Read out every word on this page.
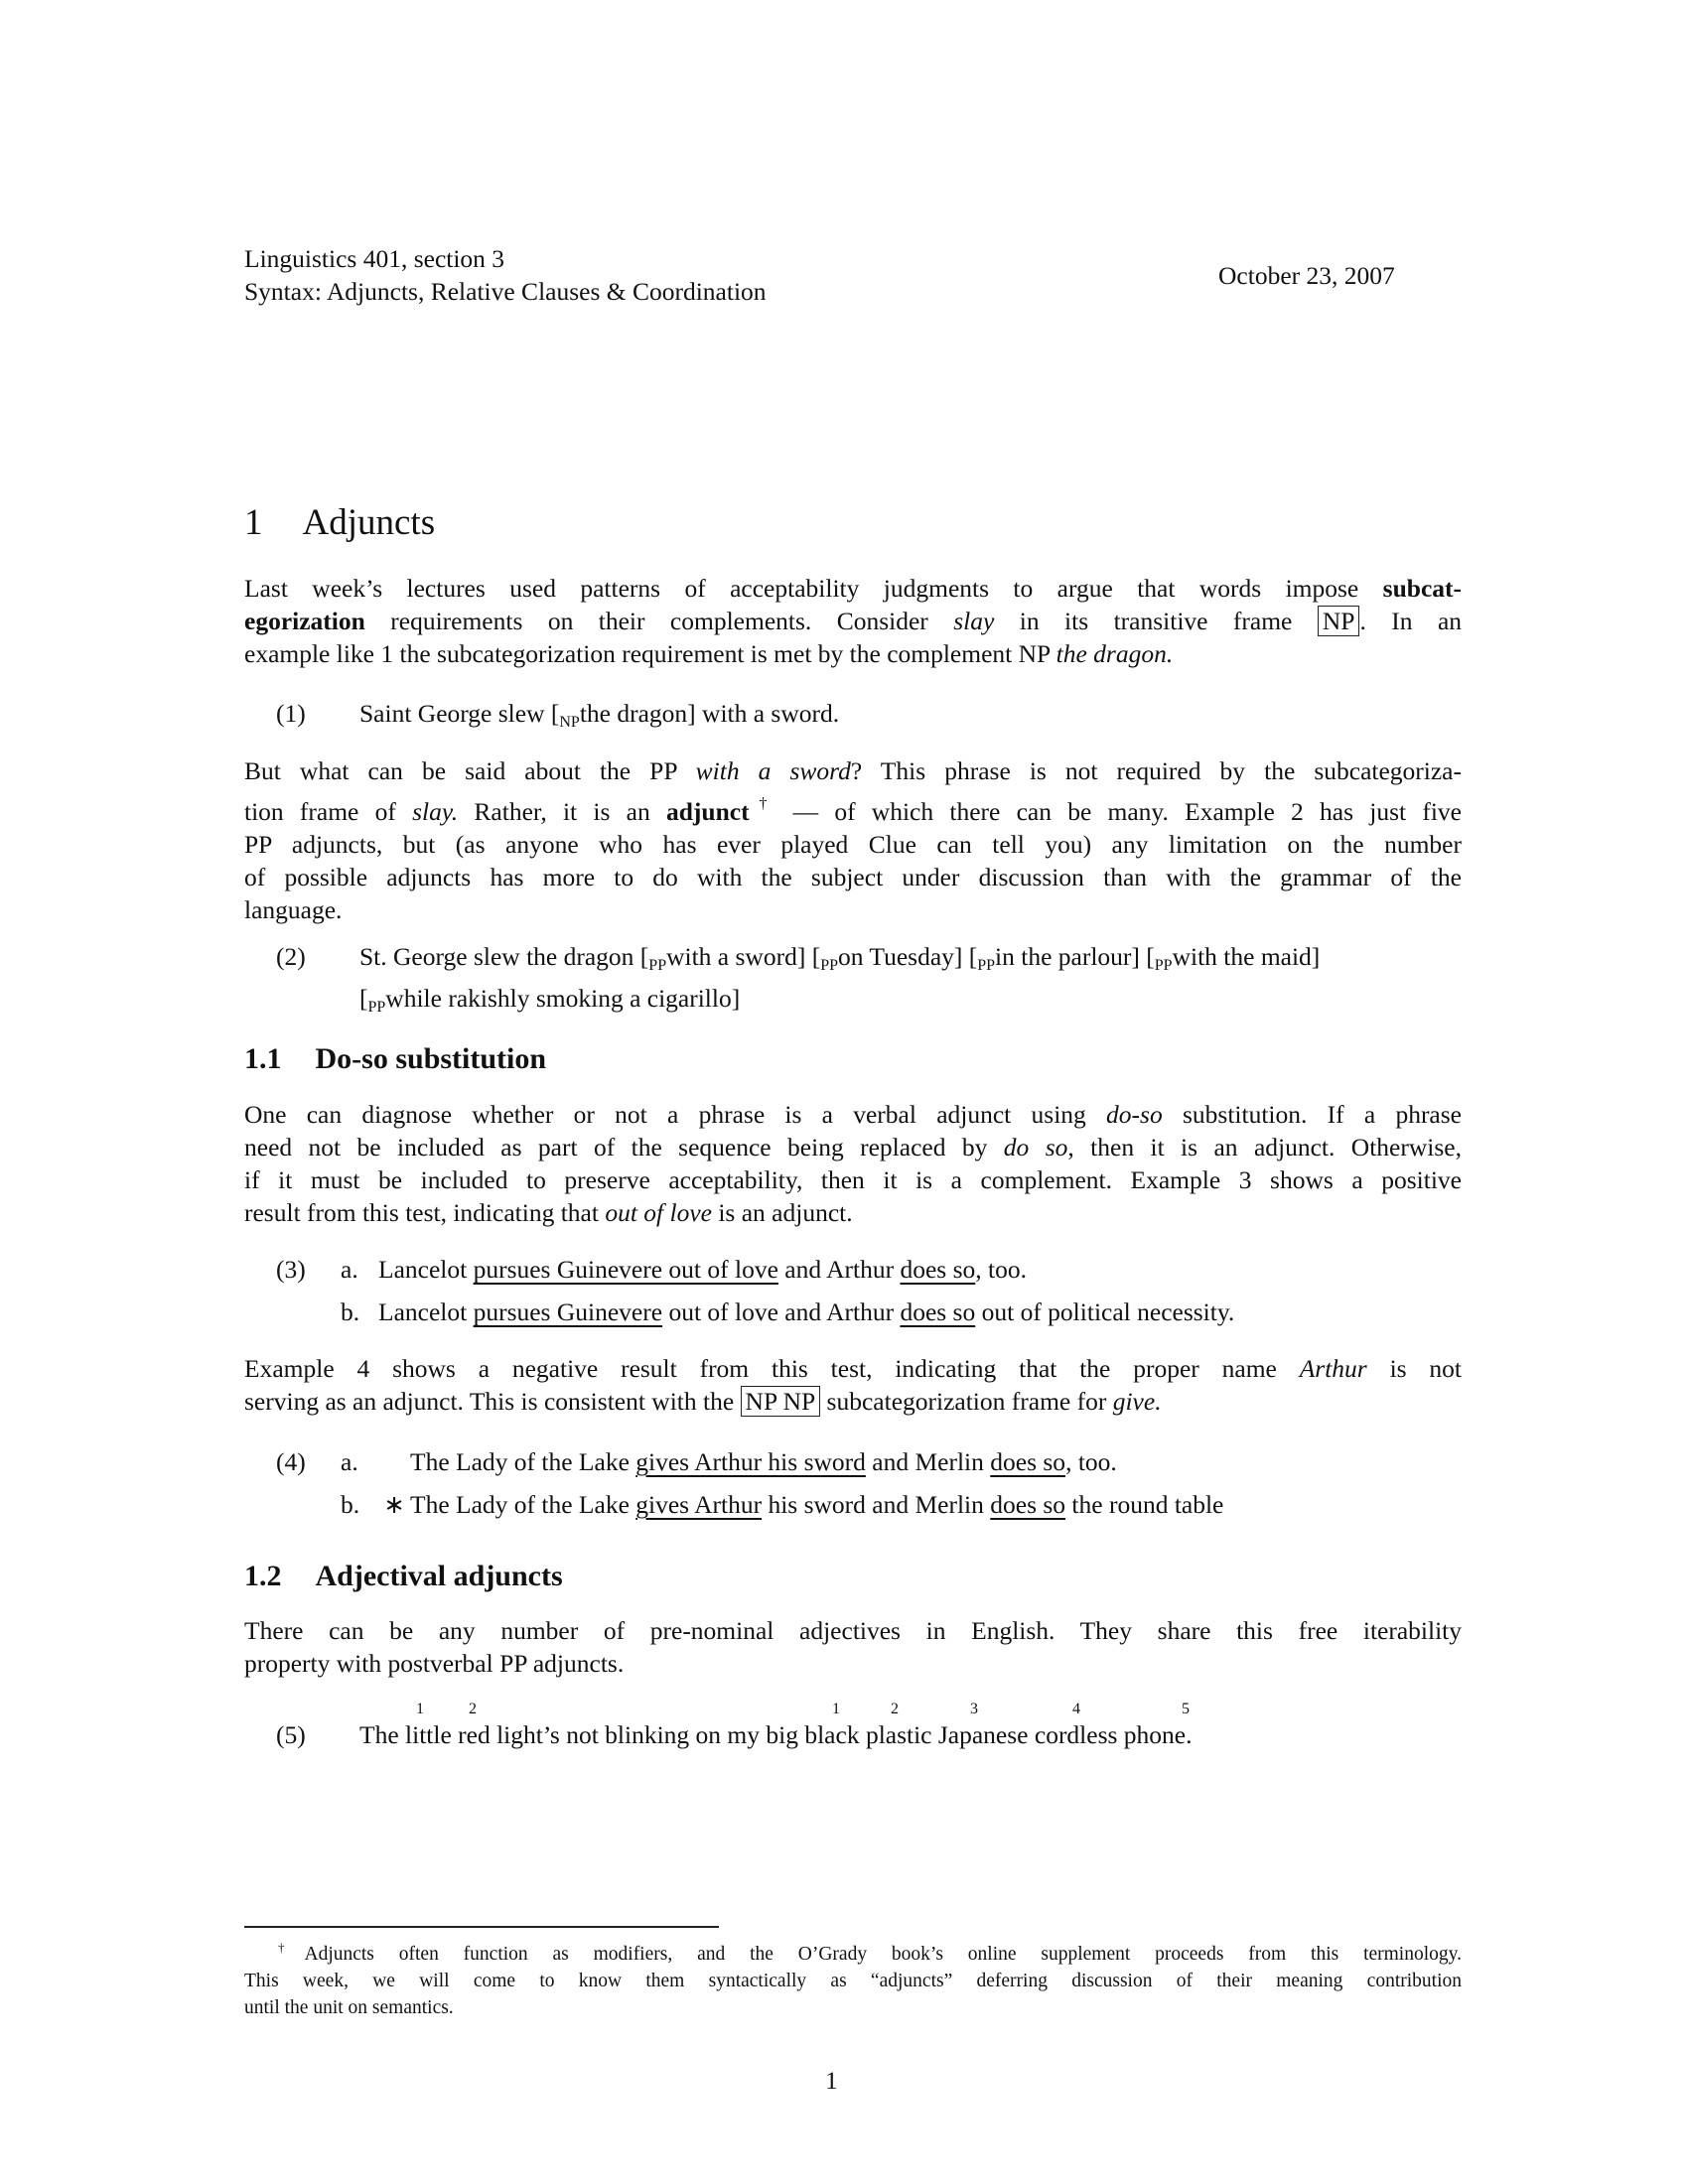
Linguistics 401, section 3
Syntax: Adjuncts, Relative Clauses & Coordination
October 23, 2007
1 Adjuncts
Last week’s lectures used patterns of acceptability judgments to argue that words impose subcat-
egorization requirements on their complements. Consider slay in its transitive frame NP . In an
example like 1 the subcategorization requirement is met by the complement NP the dragon.
(1) Saint George slew [$_{NP}the$ dragon] with a sword.
But what can be said about the PP with a sword? This phrase is not required by the subcategoriza-
tion frame of slay. Rather, it is an adjunct† — of which there can be many. Example 2 has just five
PP adjuncts, but (as anyone who has ever played Clue can tell you) any limitation on the number
of possible adjuncts has more to do with the subject under discussion than with the grammar of the
language.
(2) St. George slew the dragon [$_{PP}with$ a sword] [$_{PP}on$ Tuesday] [$_{PP}in$ the parlour] [$_{PP}with$ the maid]
[$_{PP}while$ rakishly smoking a cigarillo]
1.1 Do-so substitution
One can diagnose whether or not a phrase is a verbal adjunct using do-so substitution. If a phrase
need not be included as part of the sequence being replaced by do so, then it is an adjunct. Otherwise,
if it must be included to preserve acceptability, then it is a complement. Example 3 shows a positive
result from this test, indicating that out of love is an adjunct.
(3) a. Lancelot pursues Guinevere out of love and Arthur does so, too.
b. Lancelot pursues Guinevere out of love and Arthur does so out of political necessity.
Example 4 shows a negative result from this test, indicating that the proper name Arthur is not
serving as an adjunct. This is consistent with the NP NP subcategorization frame for give.
(4) a. The Lady of the Lake gives Arthur his sword and Merlin does so, too.
b. ∗ The Lady of the Lake gives Arthur his sword and Merlin does so the round table
1.2 Adjectival adjuncts
There can be any number of pre-nominal adjectives in English. They share this free iterability
property with postverbal PP adjuncts.
1	2	1	2	3	4	5
(5) The little red light’s not blinking on my big black plastic Japanese cordless phone.
†Adjuncts often function as modifiers, and the O’Grady book’s online supplement proceeds from this terminology.
This week, we will come to know them syntactically as “adjuncts” deferring discussion of their meaning contribution
until the unit on semantics.
1
